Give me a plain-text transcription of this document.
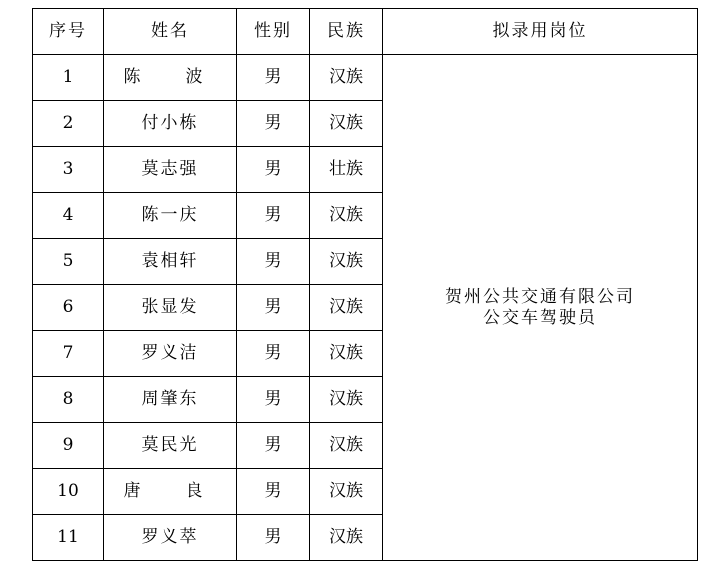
序号	姓名	性别	民族	拟录用岗位
1	陈　波	男	汉族	贺州公共交通有限公司
公交车驾驶员

2	付小栋	男	汉族	
3	莫志强	男	壮族	
4	陈一庆	男	汉族	
5	袁相轩	男	汉族	
6	张显发	男	汉族	
7	罗义洁	男	汉族	
8	周肇东	男	汉族	
9	莫民光	男	汉族	
10	唐　良	男	汉族	
11	罗义萃	男	汉族	
